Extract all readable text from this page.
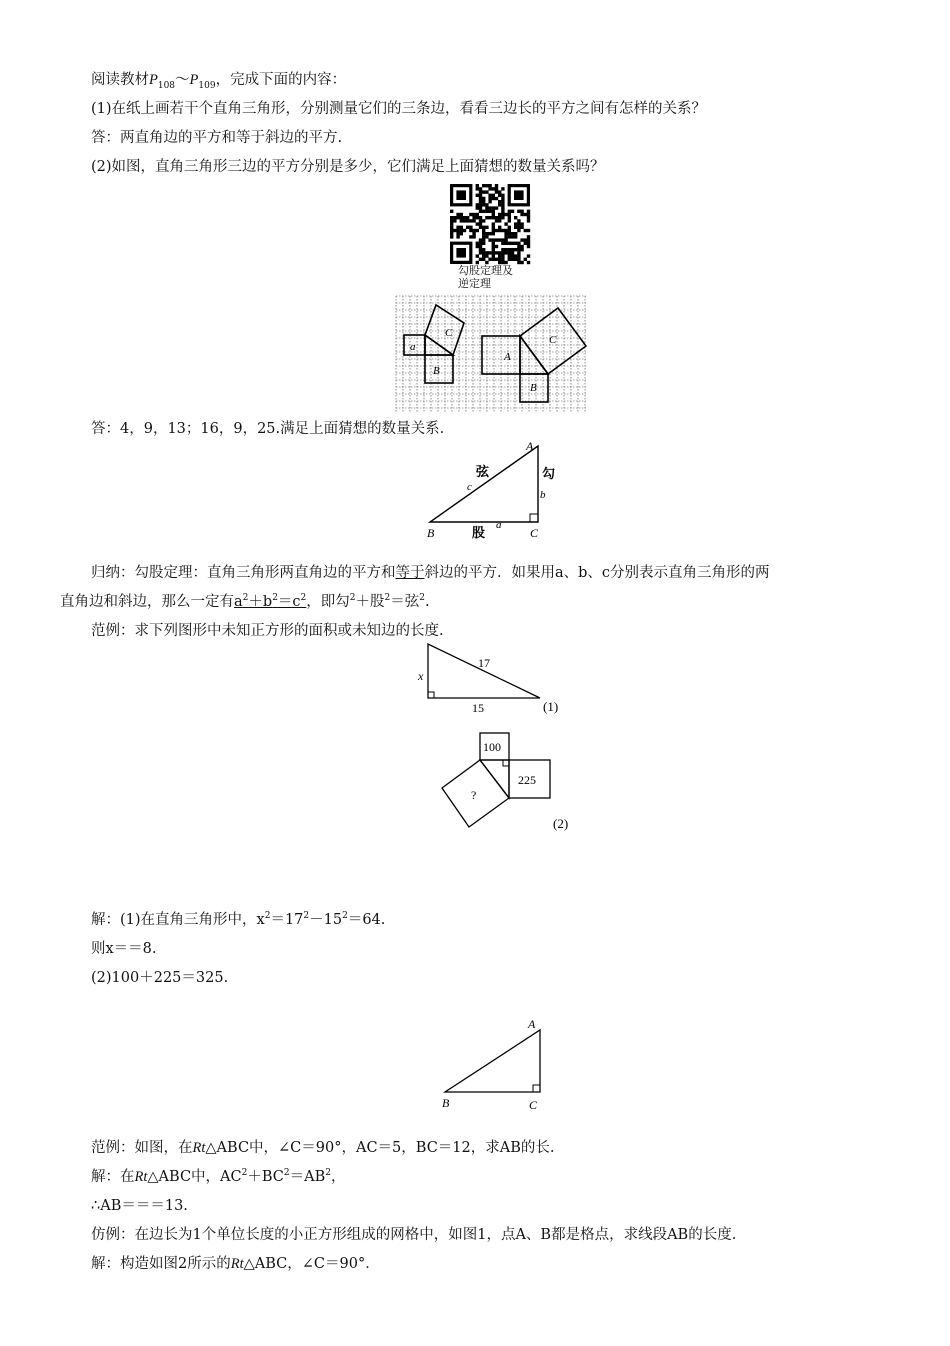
阅读教材$P_{108}\sim P_{109}$，完成下面的内容：
(1)在纸上画若干个直角三角形，分别测量它们的三条边，看看三边长的平方之间有怎样的关系？
答：两直角边的平方和等于斜边的平方.
(2)如图，直角三角形三边的平方分别是多少，它们满足上面猜想的数量关系吗？
勾股定理及
逆定理
a
B
C
A
B
C
答：4，9，13；16，9，25.满足上面猜想的数量关系.
A
B	C
弦	勾
股 a
b
c
归纳：勾股定理：直角三角形两直角边的平方和等于斜边的平方．如果用a、b、c分别表示直角三角形的两
直角边和斜边，那么一定有$a^2+b^2=c^2$，即勾$^2$＋股$^2$＝弦$^2$.
范例：求下列图形中未知正方形的面积或未知边的长度.
x
17
15	(1)
100
225
?
(2)
解：(1)在直角三角形中，$x^2=17^2-15^2=64$.
则x＝＝8.
(2)100＋225＝325.
A
B	C
范例：如图，在Rt△ABC中，∠C＝90°，AC＝5，BC＝12，求AB的长.
解：在Rt△ABC中，$AC^2+BC^2=AB^2$，
∴AB＝＝＝13.
仿例：在边长为1个单位长度的小正方形组成的网格中，如图1，点A、B都是格点，求线段AB的长度.
解：构造如图2所示的Rt△ABC，∠C＝90°．
